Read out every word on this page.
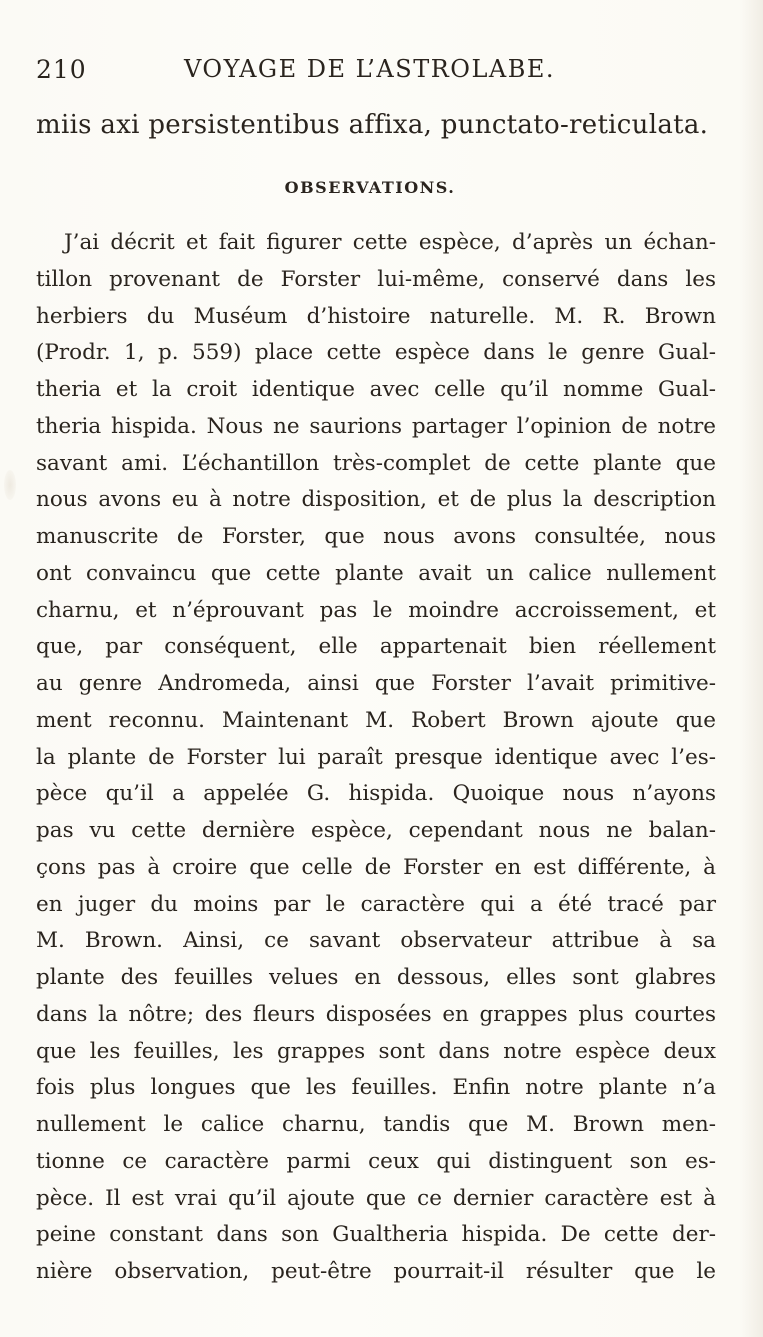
210	VOYAGE DE L’ASTROLABE.
miis axi persistentibus affixa, punctato-reticulata.
OBSERVATIONS.
J’ai décrit et fait figurer cette espèce, d’après un échan-
tillon provenant de Forster lui-même, conservé dans les
herbiers du Muséum d’histoire naturelle. M. R. Brown
(Prodr. 1, p. 559) place cette espèce dans le genre Gual-
theria et la croit identique avec celle qu’il nomme Gual-
theria hispida. Nous ne saurions partager l’opinion de notre
savant ami. L’échantillon très-complet de cette plante que
nous avons eu à notre disposition, et de plus la description
manuscrite de Forster, que nous avons consultée, nous
ont convaincu que cette plante avait un calice nullement
charnu, et n’éprouvant pas le moindre accroissement, et
que, par conséquent, elle appartenait bien réellement
au genre Andromeda, ainsi que Forster l’avait primitive-
ment reconnu. Maintenant M. Robert Brown ajoute que
la plante de Forster lui paraît presque identique avec l’es-
pèce qu’il a appelée G. hispida. Quoique nous n’ayons
pas vu cette dernière espèce, cependant nous ne balan-
çons pas à croire que celle de Forster en est différente, à
en juger du moins par le caractère qui a été tracé par
M. Brown. Ainsi, ce savant observateur attribue à sa
plante des feuilles velues en dessous, elles sont glabres
dans la nôtre; des fleurs disposées en grappes plus courtes
que les feuilles, les grappes sont dans notre espèce deux
fois plus longues que les feuilles. Enfin notre plante n’a
nullement le calice charnu, tandis que M. Brown men-
tionne ce caractère parmi ceux qui distinguent son es-
pèce. Il est vrai qu’il ajoute que ce dernier caractère est à
peine constant dans son Gualtheria hispida. De cette der-
nière observation, peut-être pourrait-il résulter que le
